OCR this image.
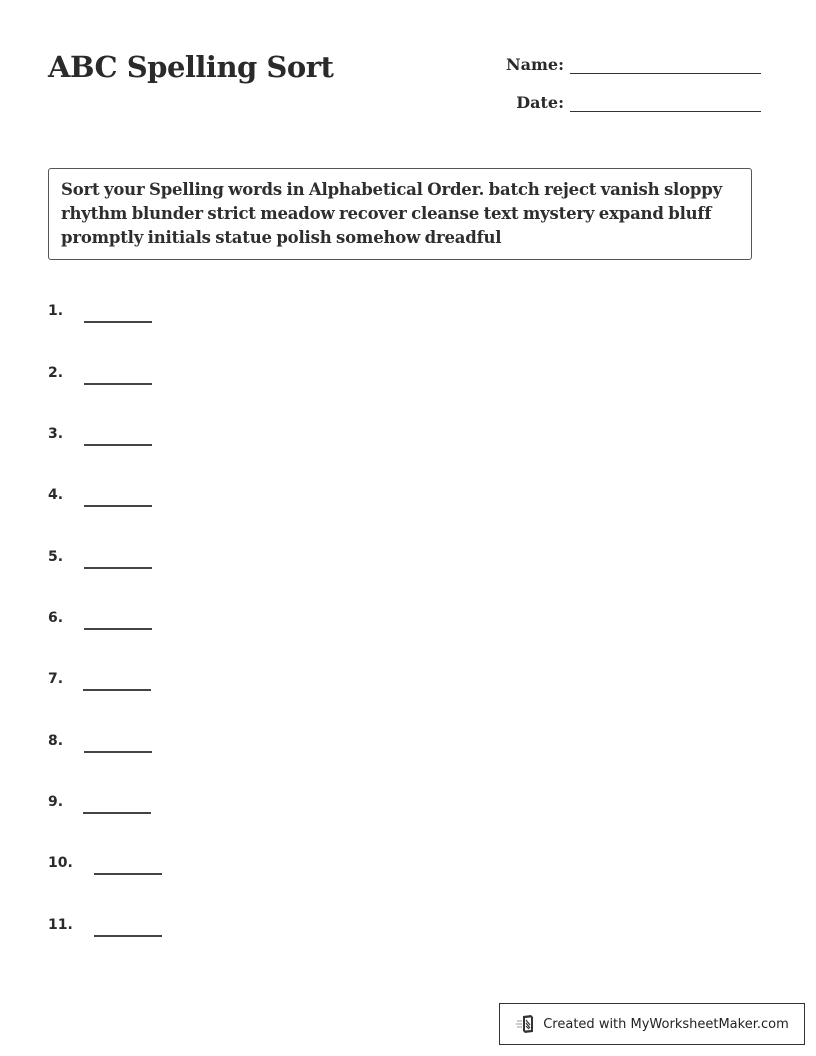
ABC Spelling Sort	Name:
Date:
Sort your Spelling words in Alphabetical Order. batch reject vanish sloppy rhythm blunder strict meadow recover cleanse text mystery expand bluff promptly initials statue polish somehow dreadful
1.
2.
3.
4.
5.
6.
7.
8.
9.
10.
11.
Created with MyWorksheetMaker.com
